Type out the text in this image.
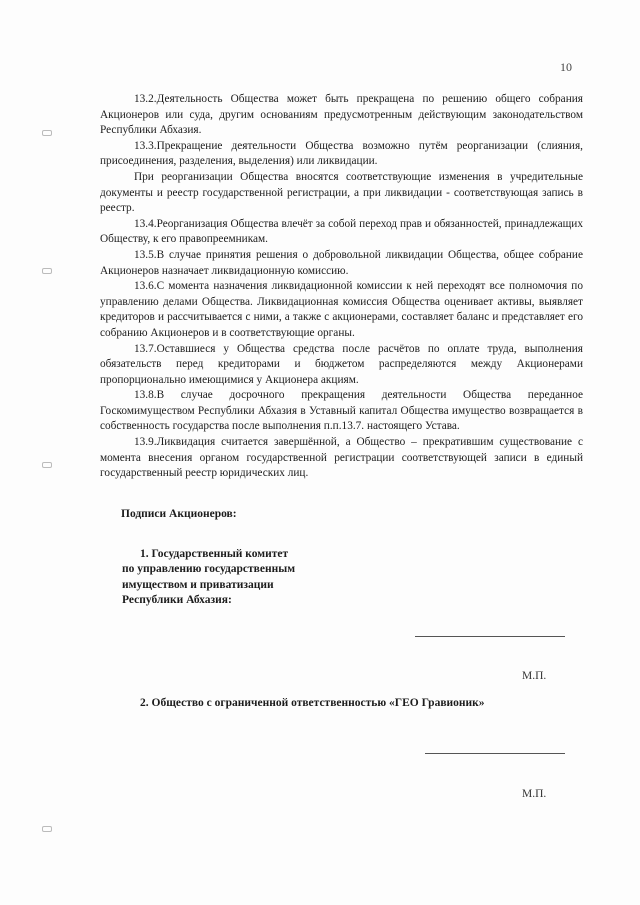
10

13.2.Деятельность Общества может быть прекращена по решению общего собрания Акционеров или суда, другим основаниям предусмотренным действующим законодательством Республики Абхазия.

13.3.Прекращение деятельности Общества возможно путём реорганизации (слияния, присоединения, разделения, выделения) или ликвидации.

При реорганизации Общества вносятся соответствующие изменения в учредительные документы и реестр государственной регистрации, а при ликвидации - соответствующая запись в реестр.

13.4.Реорганизация Общества влечёт за собой переход прав и обязанностей, принадлежащих Обществу, к его правопреемникам.

13.5.В случае принятия решения о добровольной ликвидации Общества, общее собрание Акционеров назначает ликвидационную комиссию.

13.6.С момента назначения ликвидационной комиссии к ней переходят все полномочия по управлению делами Общества. Ликвидационная комиссия Общества оценивает активы, выявляет кредиторов и рассчитывается с ними, а также с акционерами, составляет баланс и представляет его собранию Акционеров и в соответствующие органы.

13.7.Оставшиеся у Общества средства после расчётов по оплате труда, выполнения обязательств перед кредиторами и бюджетом распределяются между Акционерами пропорционально имеющимися у Акционера акциям.

13.8.В случае досрочного прекращения деятельности Общества переданное Госкомимуществом Республики Абхазия в Уставный капитал Общества имущество возвращается в собственность государства после выполнения п.п.13.7. настоящего Устава.

13.9.Ликвидация считается завершённой, а Общество – прекратившим существование с момента внесения органом государственной регистрации соответствующей записи в единый государственный реестр юридических лиц.

Подписи Акционеров:
1. Государственный комитет
по управлению государственным
имуществом и приватизации
Республики Абхазия:
М.П.
2. Общество с ограниченной ответственностью «ГЕО Гравионик»
М.П.
